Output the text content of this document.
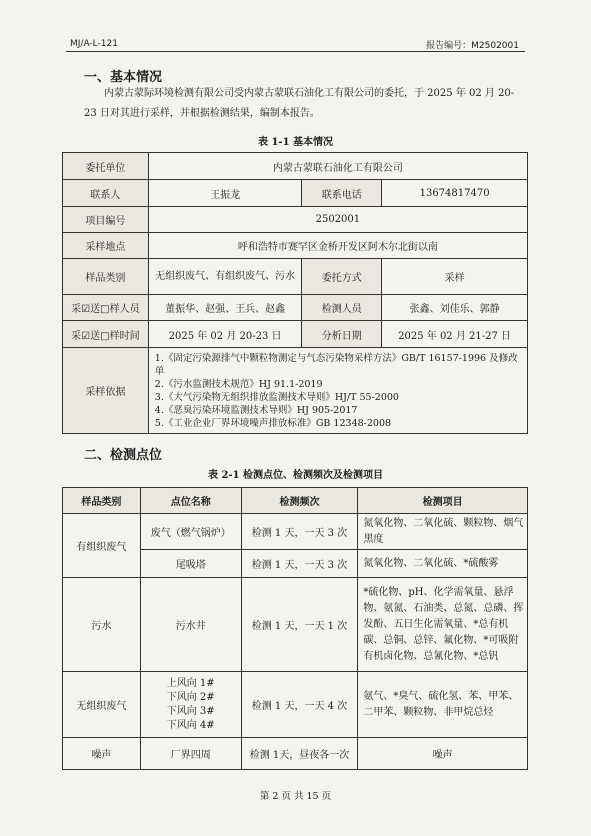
MJ/A-L-121	报告编号：M2502001
一、基本情况
内蒙古蒙际环境检测有限公司受内蒙古蒙联石油化工有限公司的委托，于 2025 年 02 月 20-23 日对其进行采样，并根据检测结果，编制本报告。
表 1-1 基本情况
委托单位	内蒙古蒙联石油化工有限公司		
联系人	王振龙	联系电话	13674817470
项目编号	2502001		
采样地点	呼和浩特市赛罕区金桥开发区阿木尔北街以南		
样品类别	无组织废气、有组织废气、污水	委托方式	采样
采☑送□样人员	董振华、赵强、王兵、赵鑫	检测人员	张鑫、刘佳乐、郭静
采☑送□样时间	2025 年 02 月 20-23 日	分析日期	2025 年 02 月 21-27 日
采样依据	1.《固定污染源排气中颗粒物测定与气态污染物采样方法》GB/T 16157-1996 及修改单
2.《污水监测技术规范》HJ 91.1-2019
3.《大气污染物无组织排放监测技术导则》HJ/T 55-2000
4.《恶臭污染环境监测技术导则》HJ 905-2017
5.《工业企业厂界环境噪声排放标准》GB 12348-2008		
二、检测点位
表 2-1 检测点位、检测频次及检测项目
样品类别	点位名称	检测频次	检测项目
有组织废气	废气（燃气锅炉）	检测 1 天，一天 3 次	氮氧化物、二氧化硫、颗粒物、烟气黑度
	尾吸塔	检测 1 天，一天 3 次	氮氧化物、二氧化硫、*硫酸雾
污水	污水井	检测 1 天，一天 1 次	*硫化物、pH、化学需氧量、悬浮物、氨氮、石油类、总氮、总磷、挥发酚、五日生化需氧量、*总有机碳、总铜、总锌、氟化物、*可吸附有机卤化物、总氰化物、*总钒
无组织废气	上风向 1#
下风向 2#
下风向 3#
下风向 4#	检测 1 天，一天 4 次	氨气、*臭气、硫化氢、苯、甲苯、二甲苯、颗粒物、非甲烷总烃
噪声	厂界四周	检测 1天，昼夜各一次	噪声
第 2 页 共 15 页
